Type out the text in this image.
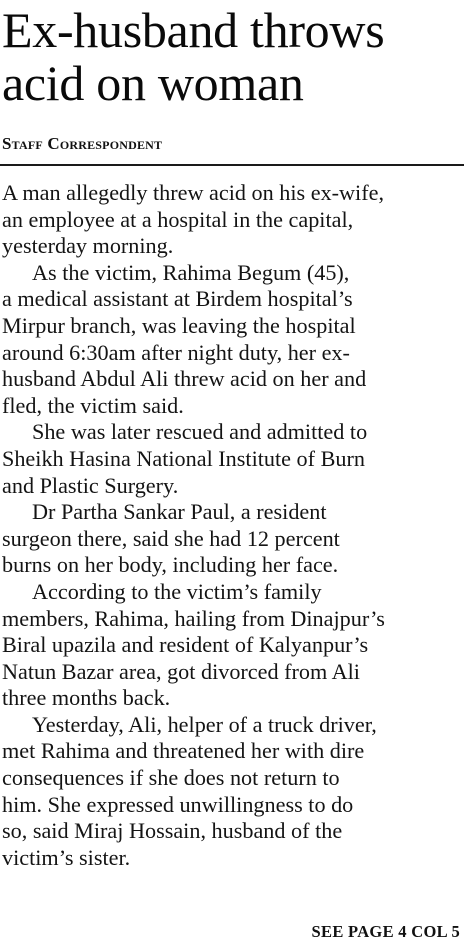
Ex-husband throws
acid on woman

Staff Correspondent

A man allegedly threw acid on his ex-wife,
an employee at a hospital in the capital,
yesterday morning.

As the victim, Rahima Begum (45),
a medical assistant at Birdem hospital’s
Mirpur branch, was leaving the hospital
around 6:30am after night duty, her ex-
husband Abdul Ali threw acid on her and
fled, the victim said.

She was later rescued and admitted to
Sheikh Hasina National Institute of Burn
and Plastic Surgery.

Dr Partha Sankar Paul, a resident
surgeon there, said she had 12 percent
burns on her body, including her face.

According to the victim’s family
members, Rahima, hailing from Dinajpur’s
Biral upazila and resident of Kalyanpur’s
Natun Bazar area, got divorced from Ali
three months back.

Yesterday, Ali, helper of a truck driver,
met Rahima and threatened her with dire
consequences if she does not return to
him. She expressed unwillingness to do
so, said Miraj Hossain, husband of the
victim’s sister.

SEE PAGE 4 COL 5
